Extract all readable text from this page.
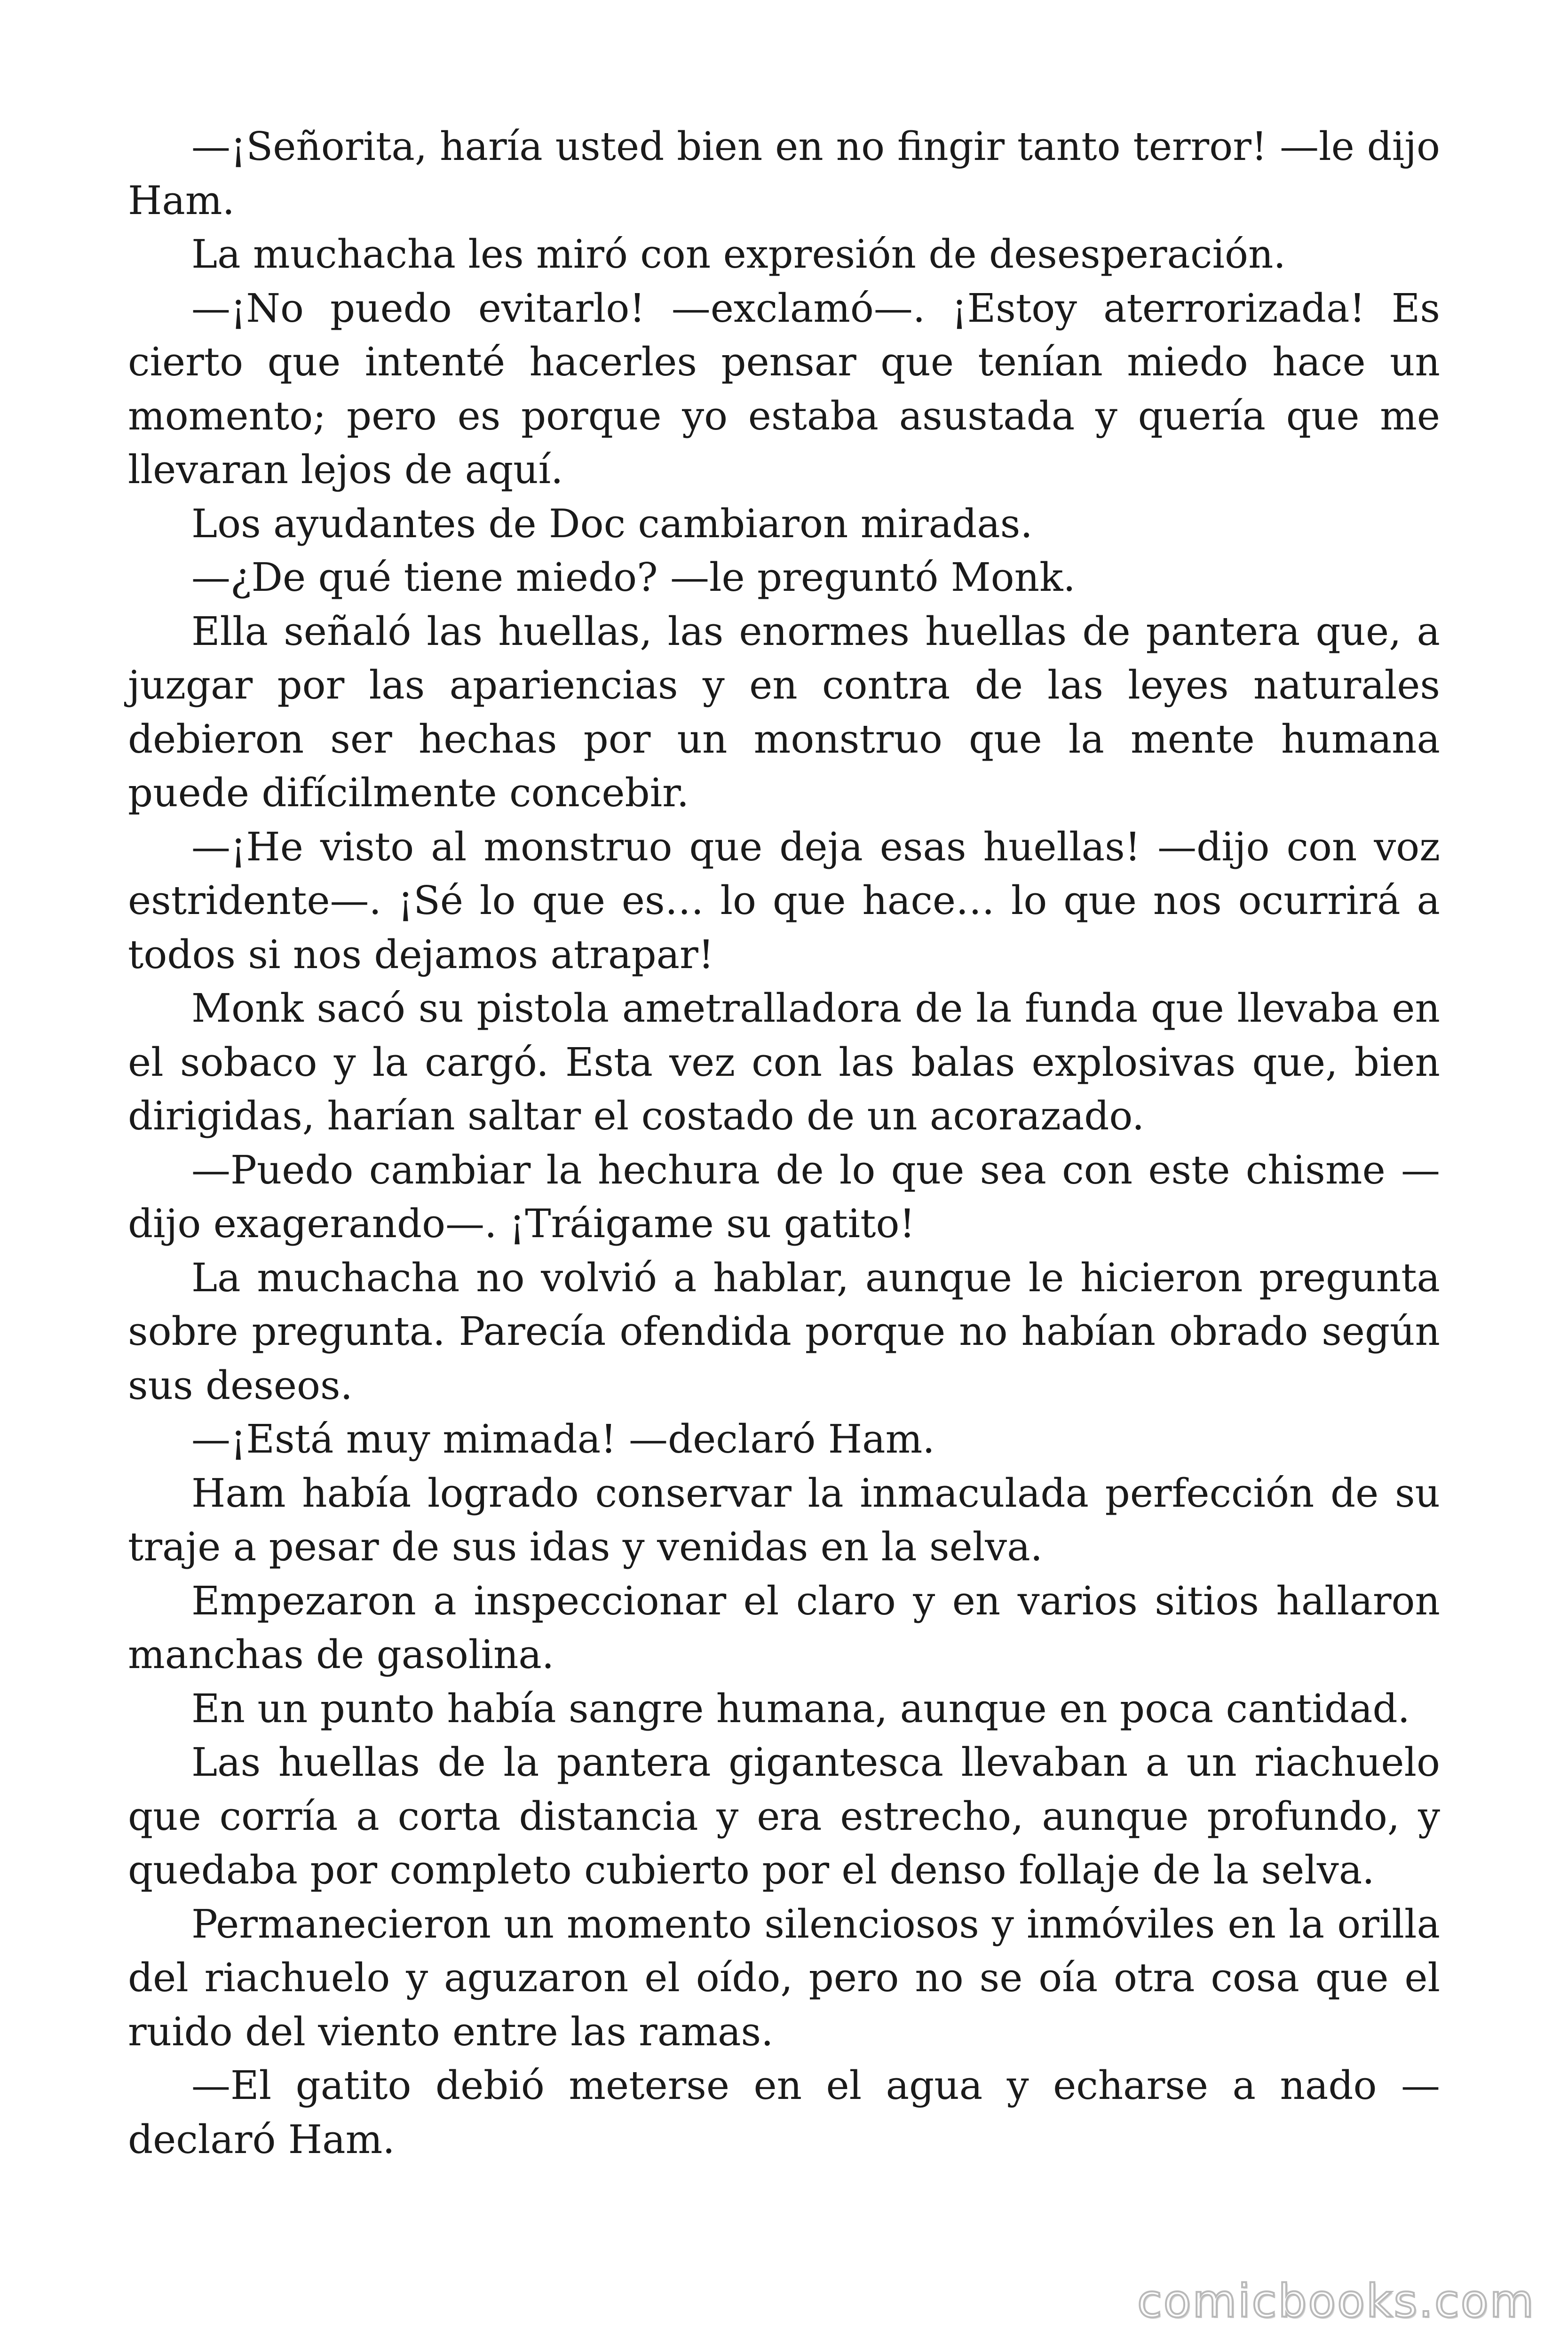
—¡Señorita, haría usted bien en no fingir tanto terror! —le dijo Ham.

La muchacha les miró con expresión de desesperación.

—¡No puedo evitarlo! —exclamó—. ¡Estoy aterrorizada! Es cierto que intenté hacerles pensar que tenían miedo hace un momento; pero es porque yo estaba asustada y quería que me llevaran lejos de aquí.

Los ayudantes de Doc cambiaron miradas.

—¿De qué tiene miedo? —le preguntó Monk.

Ella señaló las huellas, las enormes huellas de pantera que, a juzgar por las apariencias y en contra de las leyes naturales debieron ser hechas por un monstruo que la mente humana puede difícilmente concebir.

—¡He visto al monstruo que deja esas huellas! —dijo con voz estridente—. ¡Sé lo que es… lo que hace… lo que nos ocurrirá a todos si nos dejamos atrapar!

Monk sacó su pistola ametralladora de la funda que llevaba en el sobaco y la cargó. Esta vez con las balas explosivas que, bien dirigidas, harían saltar el costado de un acorazado.

—Puedo cambiar la hechura de lo que sea con este chisme —dijo exagerando—. ¡Tráigame su gatito!

La muchacha no volvió a hablar, aunque le hicieron pregunta sobre pregunta. Parecía ofendida porque no habían obrado según sus deseos.

—¡Está muy mimada! —declaró Ham.

Ham había logrado conservar la inmaculada perfección de su traje a pesar de sus idas y venidas en la selva.

Empezaron a inspeccionar el claro y en varios sitios hallaron manchas de gasolina.

En un punto había sangre humana, aunque en poca cantidad.

Las huellas de la pantera gigantesca llevaban a un riachuelo que corría a corta distancia y era estrecho, aunque profundo, y quedaba por completo cubierto por el denso follaje de la selva.

Permanecieron un momento silenciosos y inmóviles en la orilla del riachuelo y aguzaron el oído, pero no se oía otra cosa que el ruido del viento entre las ramas.

—El gatito debió meterse en el agua y echarse a nado —declaró Ham.

comicbooks.com
